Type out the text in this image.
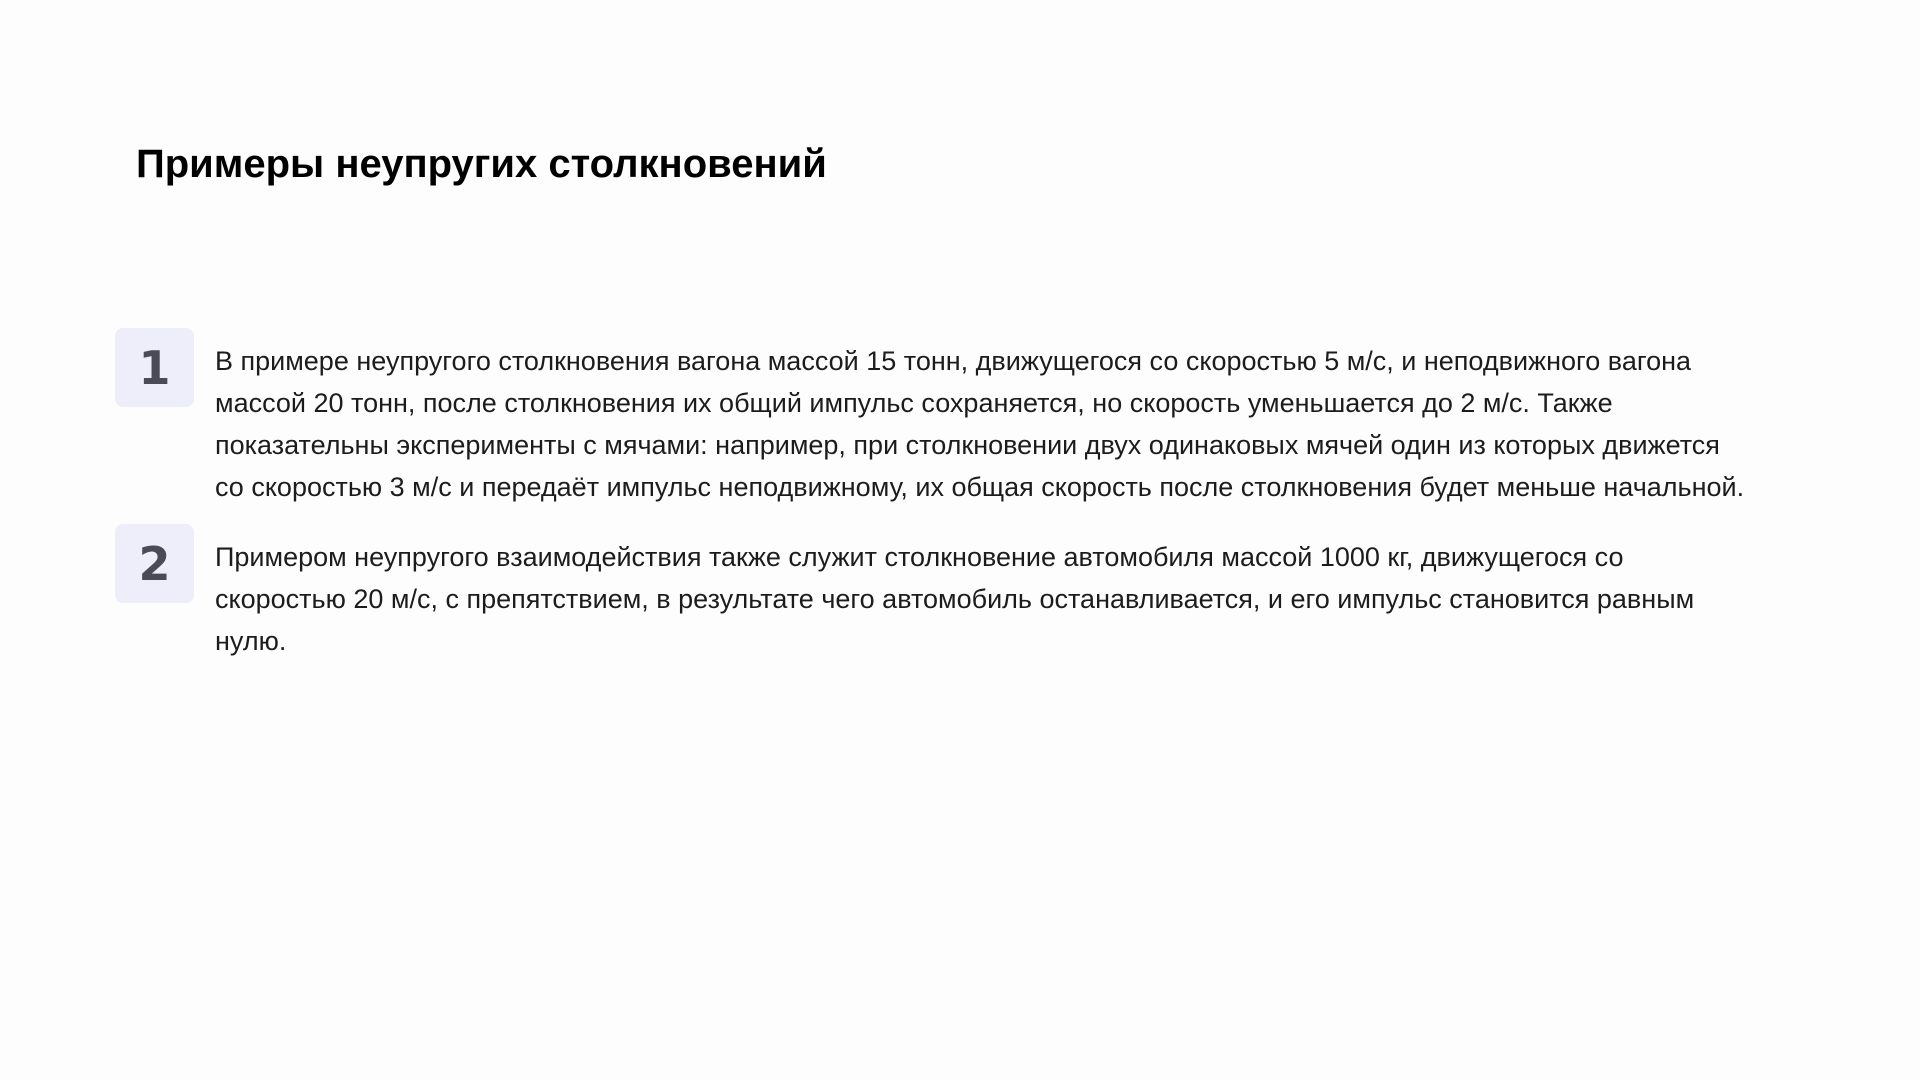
Примеры неупругих столкновений
1 В примере неупругого столкновения вагона массой 15 тонн, движущегося со скоростью 5 м/с, и неподвижного вагона массой 20 тонн, после столкновения их общий импульс сохраняется, но скорость уменьшается до 2 м/с. Также показательны эксперименты с мячами: например, при столкновении двух одинаковых мячей один из которых движется со скоростью 3 м/с и передаёт импульс неподвижному, их общая скорость после столкновения будет меньше начальной.

2 Примером неупругого взаимодействия также служит столкновение автомобиля массой 1000 кг, движущегося со скоростью 20 м/с, с препятствием, в результате чего автомобиль останавливается, и его импульс становится равным нулю.
